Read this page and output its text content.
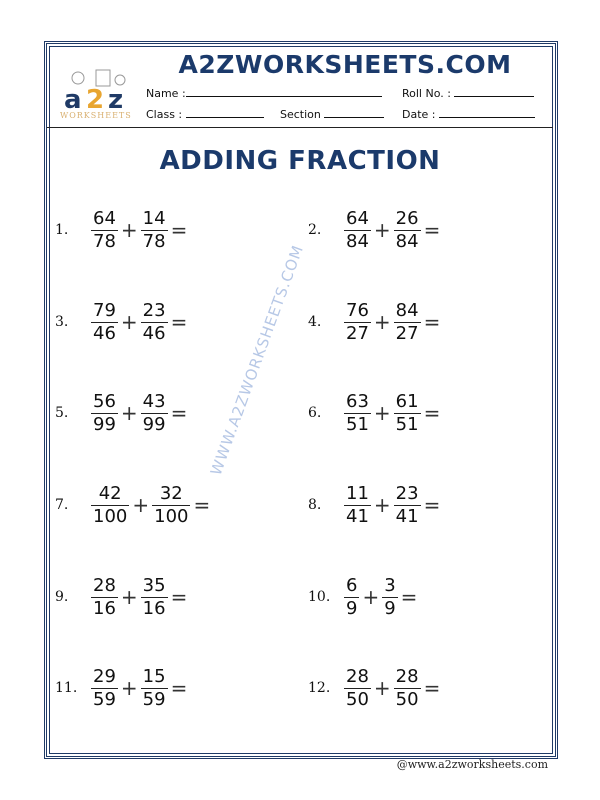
a 2 z
WORKSHEETS
A2ZWORKSHEETS.COM
Name :	Roll No. :
Class :	Section	Date :
ADDING FRACTION
WWW.A2ZWORKSHEETS.COM
1.	$\frac{64}{78} + \frac{14}{78}$ =	2.	$\frac{64}{84} + \frac{26}{84}$ =
3.	$\frac{79}{46} + \frac{23}{46}$ =	4.	$\frac{76}{27} + \frac{84}{27}$ =
5.	$\frac{56}{99} + \frac{43}{99}$ =	6.	$\frac{63}{51} + \frac{61}{51}$ =
7.	$\frac{42}{100} + \frac{32}{100}$ =	8.	$\frac{11}{41} + \frac{23}{41}$ =
9.	$\frac{28}{16} + \frac{35}{16}$ =	10. $\frac{6}{9} + \frac{3}{9}$ =
11. $\frac{29}{59} + \frac{15}{59}$ =	12. $\frac{28}{50} + \frac{28}{50}$ =
@www.a2zworksheets.com
